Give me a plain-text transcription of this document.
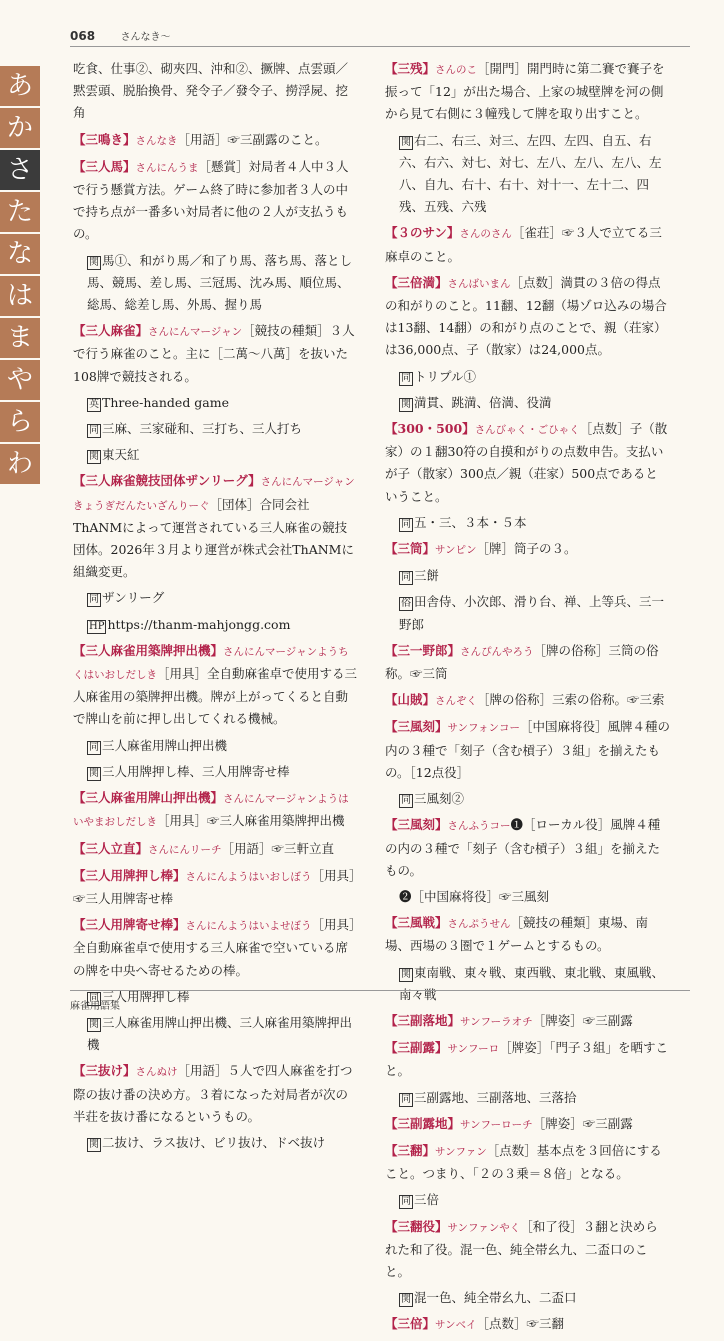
068	さんなき〜
あ
か
さ
た
な
は
ま
や
ら
わ
吃食、仕事②、砌夾四、沖和②、撅牌、点雲頭／黙雲頭、脱胎換骨、発令子／發令子、撈浮屍、挖角
【三鳴き】さんなき［用語］☞三副露のこと。
【三人馬】さんにんうま［懸賞］対局者４人中３人で行う懸賞方法。ゲーム終了時に参加者３人の中で持ち点が一番多い対局者に他の２人が支払うもの。
関 馬①、和がり馬／和了り馬、落ち馬、落とし馬、競馬、差し馬、三冠馬、沈み馬、順位馬、総馬、総差し馬、外馬、握り馬
【三人麻雀】さんにんマージャン［競技の種類］３人で行う麻雀のこと。主に［二萬〜八萬］を抜いた108牌で競技される。
英 Three-handed game
同 三麻、三家碰和、三打ち、三人打ち
関 東天紅
【三人麻雀競技団体ザンリーグ】さんにんマージャンきょうぎだんたいざんりーぐ［団体］合同会社ThANMによって運営されている三人麻雀の競技団体。2026年３月より運営が株式会社ThANMに組織変更。
同 ザンリーグ
HP https://thanm-mahjongg.com
【三人麻雀用築牌押出機】さんにんマージャンようちくはいおしだしき［用具］全自動麻雀卓で使用する三人麻雀用の築牌押出機。牌が上がってくると自動で牌山を前に押し出してくれる機械。
同 三人麻雀用牌山押出機
関 三人用牌押し棒、三人用牌寄せ棒
【三人麻雀用牌山押出機】さんにんマージャンようはいやまおしだしき［用具］☞三人麻雀用築牌押出機
【三人立直】さんにんリーチ［用語］☞三軒立直
【三人用牌押し棒】さんにんようはいおしぼう［用具］☞三人用牌寄せ棒
【三人用牌寄せ棒】さんにんようはいよせぼう［用具］全自動麻雀卓で使用する三人麻雀で空いている席の牌を中央へ寄せるための棒。
同 三人用牌押し棒
関 三人麻雀用牌山押出機、三人麻雀用築牌押出機
【三抜け】さんぬけ［用語］５人で四人麻雀を打つ際の抜け番の決め方。３着になった対局者が次の半荘を抜け番になるというもの。
関 二抜け、ラス抜け、ビリ抜け、ドベ抜け
【三残】さんのこ［開門］開門時に第二賽で賽子を振って「12」が出た場合、上家の城壁牌を河の側から見て右側に３幢残して牌を取り出すこと。
関 右二、右三、対三、左四、左四、自五、右六、右六、対七、対七、左八、左八、左八、左八、自九、右十、右十、対十一、左十二、四残、五残、六残
【３のサン】さんのさん［雀荘］☞３人で立てる三麻卓のこと。
【三倍満】さんばいまん［点数］満貫の３倍の得点の和がりのこと。11翻、12翻（場ゾロ込みの場合は13翻、14翻）の和がり点のことで、親（荘家）は36,000点、子（散家）は24,000点。
同 トリプル①
関 満貫、跳満、倍満、役満
【300・500】さんびゃく・ごひゃく［点数］子（散家）の１翻30符の自摸和がりの点数申告。支払いが子（散家）300点／親（荘家）500点であるということ。
同 五・三、３本・５本
【三筒】サンピン［牌］筒子の３。
同 三餅
俗 田舎侍、小次郎、滑り台、禅、上等兵、三一野郎
【三一野郎】さんぴんやろう［牌の俗称］三筒の俗称。☞三筒
【山賊】さんぞく［牌の俗称］三索の俗称。☞三索
【三風刻】サンフォンコー［中国麻将役］風牌４種の内の３種で「刻子（含む槓子）３組」を揃えたもの。［12点役］
同 三風刻②
【三風刻】さんふうコー❶［ローカル役］風牌４種の内の３種で「刻子（含む槓子）３組」を揃えたもの。
❷［中国麻将役］☞三風刻
【三風戦】さんぷうせん［競技の種類］東場、南場、西場の３圏で１ゲームとするもの。
関 東南戦、東々戦、東西戦、東北戦、東風戦、南々戦
【三副落地】サンフーラオチ［牌姿］☞三副露
【三副露】サンフーロ［牌姿］「門子３組」を晒すこと。
同 三副露地、三副落地、三落拾
【三副露地】サンフーローチ［牌姿］☞三副露
【三翻】サンファン［点数］基本点を３回倍にすること。つまり、「２の３乗＝８倍」となる。
同 三倍
【三翻役】サンファンやく［和了役］３翻と決められた和了役。混一色、純全帯幺九、二盃口のこと。
関 混一色、純全帯幺九、二盃口
【三倍】サンベイ［点数］☞三翻
麻雀用語集
